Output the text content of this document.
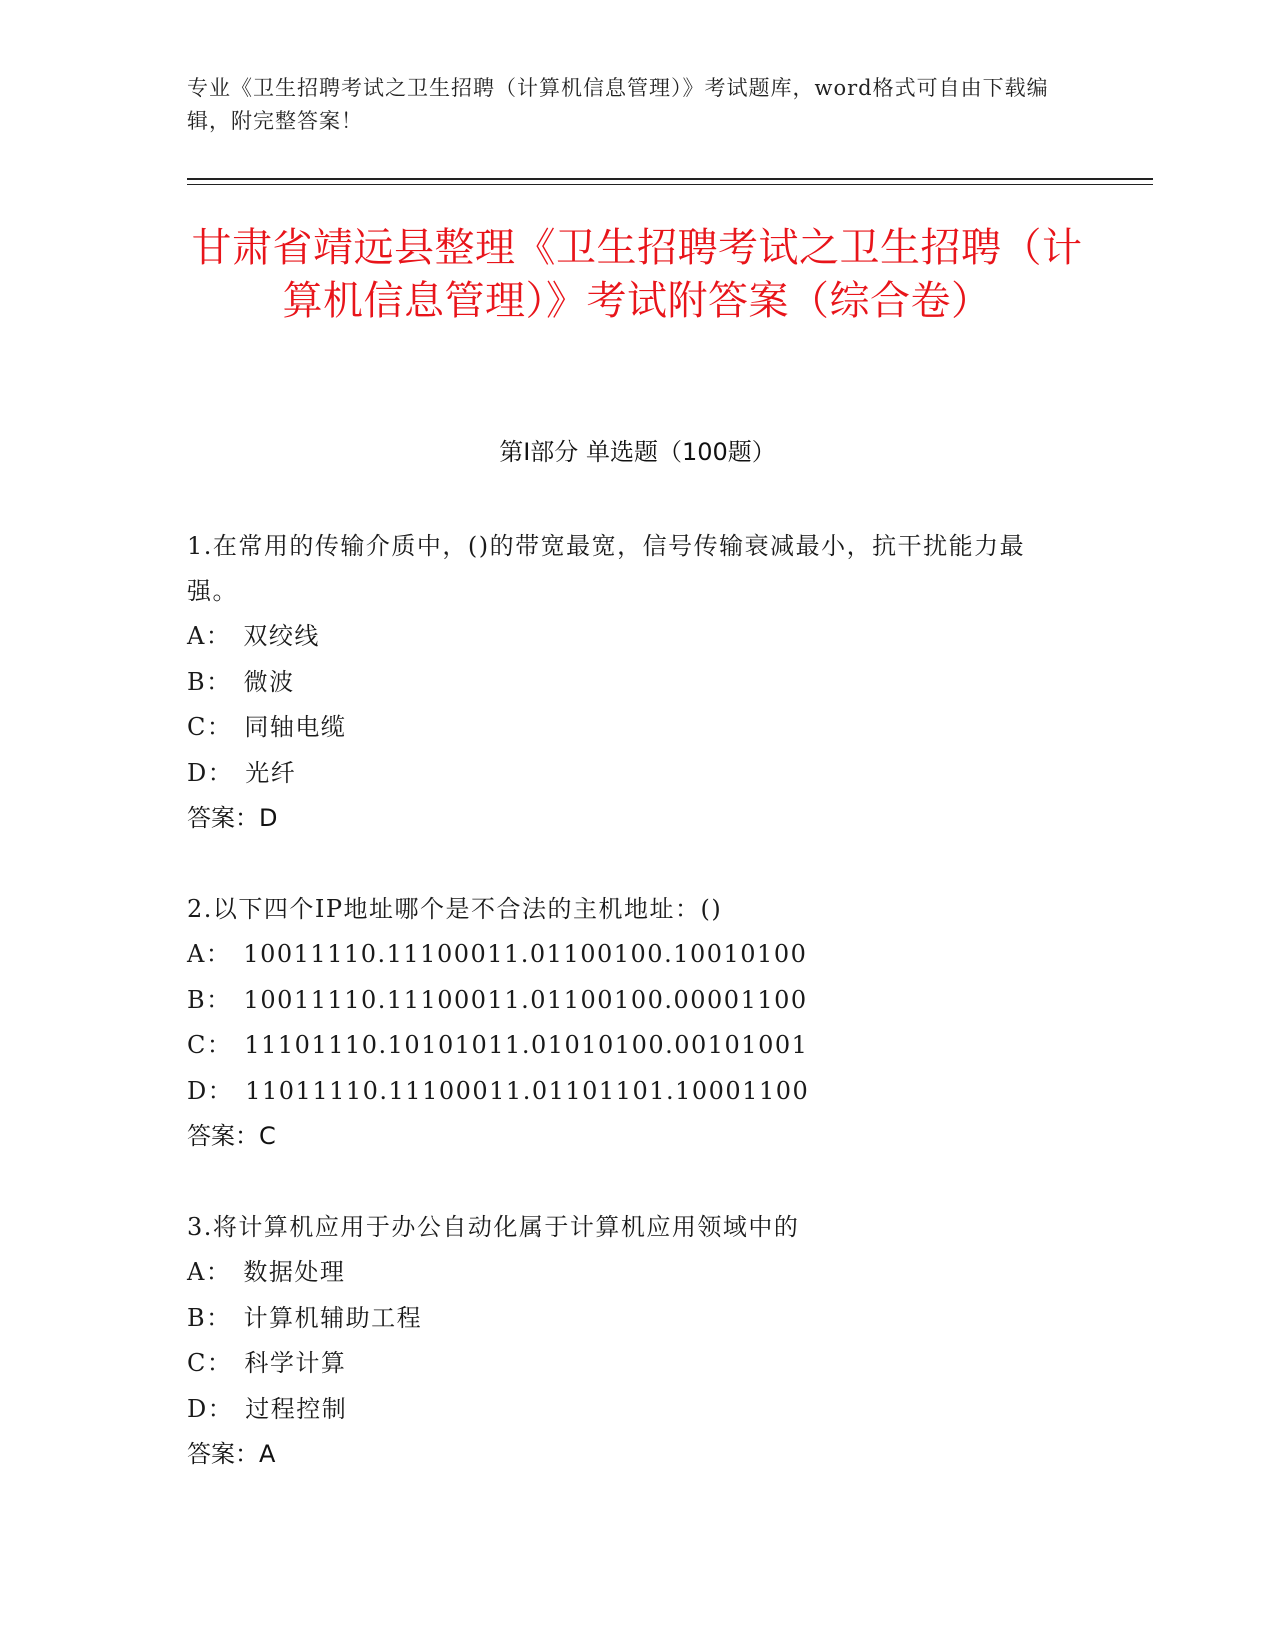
专业《卫生招聘考试之卫生招聘（计算机信息管理）》考试题库，word格式可自由下载编辑，附完整答案！
甘肃省靖远县整理《卫生招聘考试之卫生招聘（计算机信息管理）》考试附答案（综合卷）
第I部分 单选题（100题）
1.在常用的传输介质中，()的带宽最宽，信号传输衰减最小，抗干扰能力最强。
A： 双绞线
B： 微波
C： 同轴电缆
D： 光纤
答案：D
2.以下四个IP地址哪个是不合法的主机地址：()
A： 10011110.11100011.01100100.10010100
B： 10011110.11100011.01100100.00001100
C： 11101110.10101011.01010100.00101001
D： 11011110.11100011.01101101.10001100
答案：C
3.将计算机应用于办公自动化属于计算机应用领域中的
A： 数据处理
B： 计算机辅助工程
C： 科学计算
D： 过程控制
答案：A
